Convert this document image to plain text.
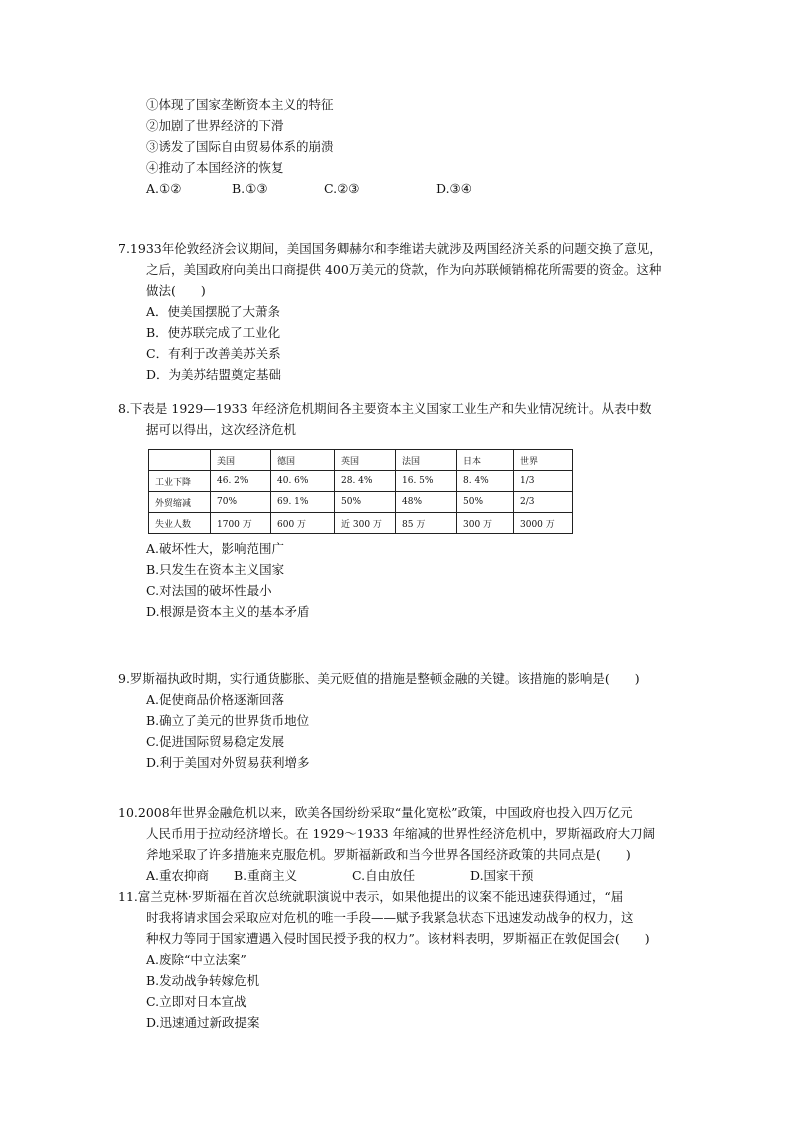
①体现了国家垄断资本主义的特征
②加剧了世界经济的下滑
③诱发了国际自由贸易体系的崩溃
④推动了本国经济的恢复
A.①②	B.①③	C.②③	D.③④
7.1933年伦敦经济会议期间，美国国务卿赫尔和李维诺夫就涉及两国经济关系的问题交换了意见，
之后，美国政府向美出口商提供 400万美元的贷款，作为向苏联倾销棉花所需要的资金。这种
做法(　　)
A．使美国摆脱了大萧条
B．使苏联完成了工业化
C．有利于改善美苏关系
D．为美苏结盟奠定基础
8.下表是 1929—1933 年经济危机期间各主要资本主义国家工业生产和失业情况统计。从表中数
据可以得出，这次经济危机
	美国	德国	英国	法国	日本	世界
工业下降	46. 2%	40. 6%	28. 4%	16. 5%	8. 4%	1/3
外贸缩减	70%	69. 1%	50%	48%	50%	2/3
失业人数	1700 万	600 万	近 300 万	85 万	300 万	3000 万
A.破坏性大，影响范围广
B.只发生在资本主义国家
C.对法国的破坏性最小
D.根源是资本主义的基本矛盾
9.罗斯福执政时期，实行通货膨胀、美元贬值的措施是整顿金融的关键。该措施的影响是(　　)
A.促使商品价格逐渐回落
B.确立了美元的世界货币地位
C.促进国际贸易稳定发展
D.利于美国对外贸易获利增多
10.2008年世界金融危机以来，欧美各国纷纷采取“量化宽松”政策，中国政府也投入四万亿元
人民币用于拉动经济增长。在 1929～1933 年缩减的世界性经济危机中，罗斯福政府大刀阔
斧地采取了许多措施来克服危机。罗斯福新政和当今世界各国经济政策的共同点是(　　)
A.重农抑商	B.重商主义	C.自由放任	D.国家干预
11.富兰克林·罗斯福在首次总统就职演说中表示，如果他提出的议案不能迅速获得通过，“届
时我将请求国会采取应对危机的唯一手段——赋予我紧急状态下迅速发动战争的权力，这
种权力等同于国家遭遇入侵时国民授予我的权力”。该材料表明，罗斯福正在敦促国会(　　)
A.废除“中立法案”
B.发动战争转嫁危机
C.立即对日本宣战
D.迅速通过新政提案
